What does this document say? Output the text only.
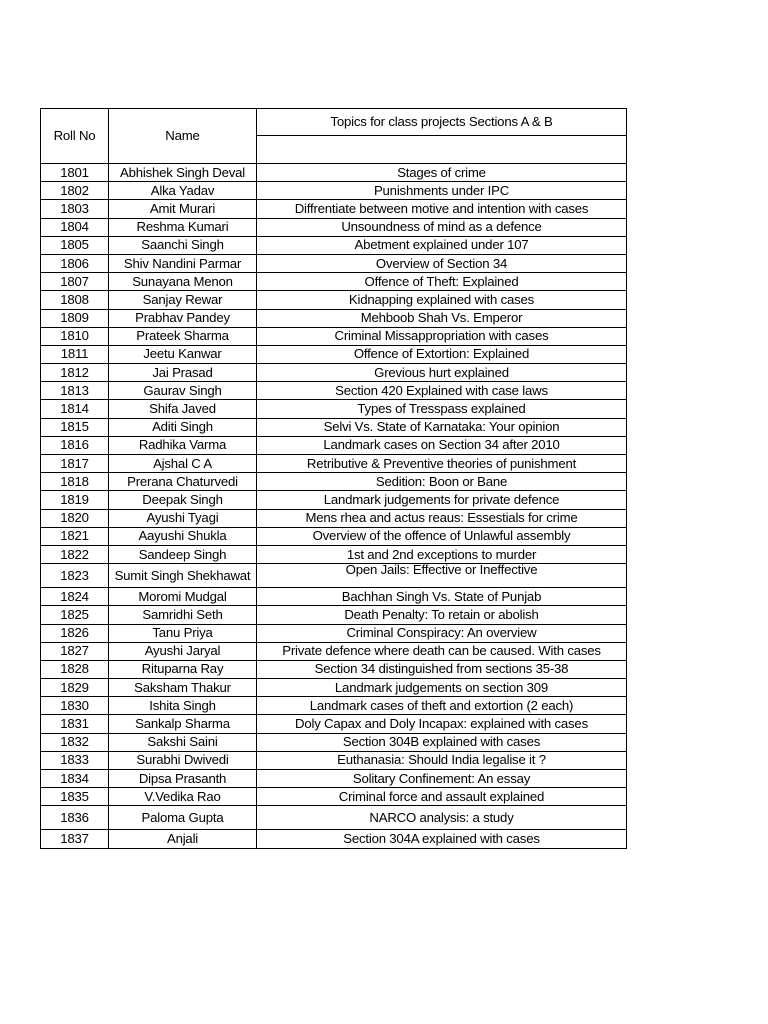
Roll No	Name	Topics for class projects Sections A & B

1801	Abhishek Singh Deval	Stages of crime
1802	Alka Yadav	Punishments under IPC
1803	Amit Murari	Diffrentiate between motive and intention with cases
1804	Reshma Kumari	Unsoundness of mind as a defence
1805	Saanchi Singh	Abetment explained under 107
1806	Shiv Nandini Parmar	Overview of Section 34
1807	Sunayana Menon	Offence of Theft: Explained
1808	Sanjay Rewar	Kidnapping explained with cases
1809	Prabhav Pandey	Mehboob Shah Vs. Emperor
1810	Prateek Sharma	Criminal Missappropriation with cases
1811	Jeetu Kanwar	Offence of Extortion: Explained
1812	Jai Prasad	Grevious hurt explained
1813	Gaurav Singh	Section 420 Explained with case laws
1814	Shifa Javed	Types of Tresspass explained
1815	Aditi Singh	Selvi Vs. State of Karnataka: Your opinion
1816	Radhika Varma	Landmark cases on Section 34 after 2010
1817	Ajshal C A	Retributive & Preventive theories of punishment
1818	Prerana Chaturvedi	Sedition: Boon or Bane
1819	Deepak Singh	Landmark judgements for private defence
1820	Ayushi Tyagi	Mens rhea and actus reaus: Essestials for crime
1821	Aayushi Shukla	Overview of the offence of Unlawful assembly
1822	Sandeep Singh	1st and 2nd exceptions to murder
1823	Sumit Singh Shekhawat	Open Jails: Effective or Ineffective
1824	Moromi Mudgal	Bachhan Singh Vs. State of Punjab
1825	Samridhi Seth	Death Penalty: To retain or abolish
1826	Tanu Priya	Criminal Conspiracy: An overview
1827	Ayushi Jaryal	Private defence where death can be caused. With cases
1828	Rituparna Ray	Section 34 distinguished from sections 35-38
1829	Saksham Thakur	Landmark judgements on section 309
1830	Ishita Singh	Landmark cases of theft and extortion (2 each)
1831	Sankalp Sharma	Doly Capax and Doly Incapax: explained with cases
1832	Sakshi Saini	Section 304B explained with cases
1833	Surabhi Dwivedi	Euthanasia: Should India legalise it ?
1834	Dipsa Prasanth	Solitary Confinement: An essay
1835	V.Vedika Rao	Criminal force and assault explained
1836	Paloma Gupta	NARCO analysis: a study
1837	Anjali	Section 304A explained with cases
